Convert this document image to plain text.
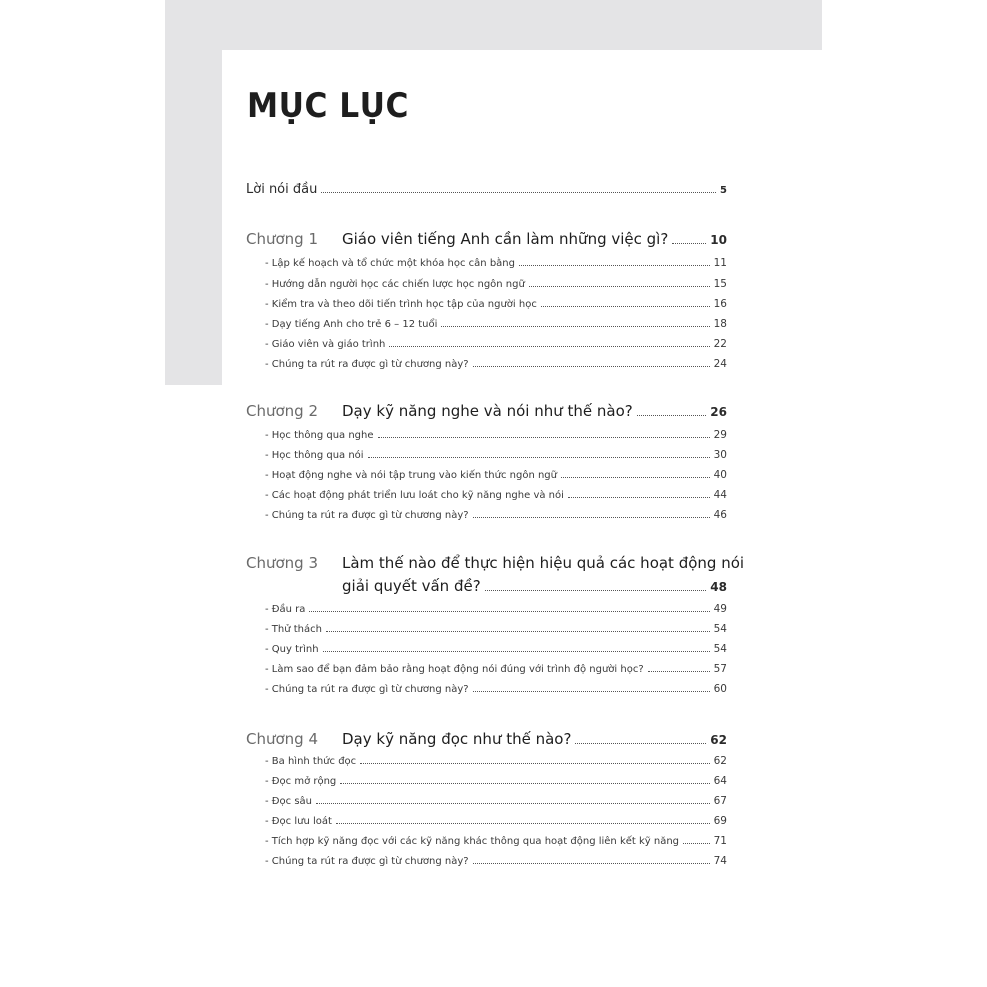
MỤC LỤC
Lời nói đầu	5
Chương 1	Giáo viên tiếng Anh cần làm những việc gì?	10
- Lập kế hoạch và tổ chức một khóa học cân bằng	11
- Hướng dẫn người học các chiến lược học ngôn ngữ	15
- Kiểm tra và theo dõi tiến trình học tập của người học	16
- Dạy tiếng Anh cho trẻ 6 – 12 tuổi	18
- Giáo viên và giáo trình	22
- Chúng ta rút ra được gì từ chương này?	24
Chương 2	Dạy kỹ năng nghe và nói như thế nào?	26
- Học thông qua nghe	29
- Học thông qua nói	30
- Hoạt động nghe và nói tập trung vào kiến thức ngôn ngữ	40
- Các hoạt động phát triển lưu loát cho kỹ năng nghe và nói	44
- Chúng ta rút ra được gì từ chương này?	46
Chương 3 Làm thế nào để thực hiện hiệu quả các hoạt động nói
giải quyết vấn đề?	48
- Đầu ra	49
- Thử thách	54
- Quy trình	54
- Làm sao để bạn đảm bảo rằng hoạt động nói đúng với trình độ người học?	57
- Chúng ta rút ra được gì từ chương này?	60
Chương 4	Dạy kỹ năng đọc như thế nào?	62
- Ba hình thức đọc	62
- Đọc mở rộng	64
- Đọc sâu	67
- Đọc lưu loát	69
- Tích hợp kỹ năng đọc với các kỹ năng khác thông qua hoạt động liên kết kỹ năng	71
- Chúng ta rút ra được gì từ chương này?	74
